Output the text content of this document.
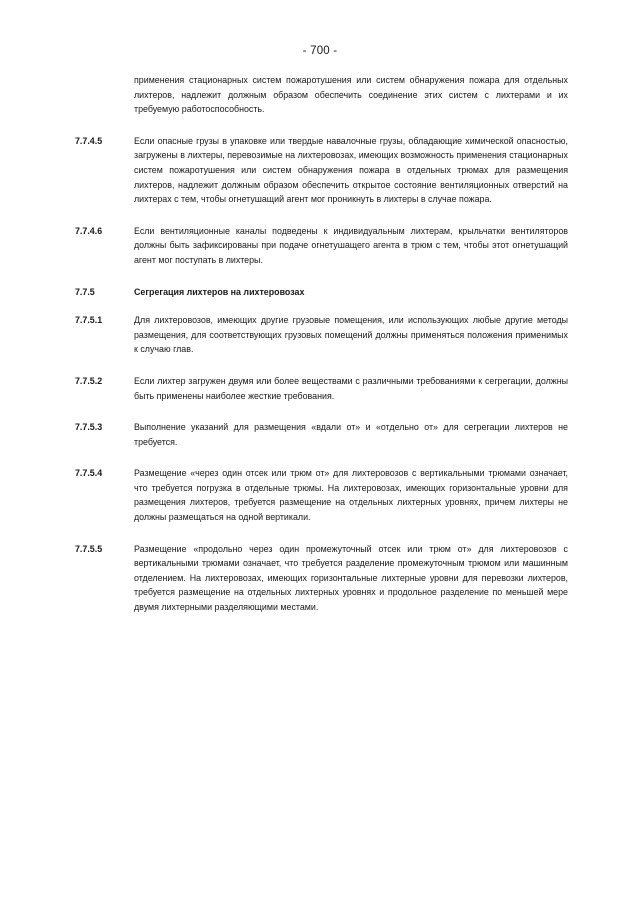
- 700 -
применения стационарных систем пожаротушения или систем обнаружения пожара для отдельных лихтеров, надлежит должным образом обеспечить соединение этих систем с лихтерами и их требуемую работоспособность.
7.7.4.5	Если опасные грузы в упаковке или твердые навалочные грузы, обладающие химической опасностью, загружены в лихтеры, перевозимые на лихтеровозах, имеющих возможность применения стационарных систем пожаротушения или систем обнаружения пожара в отдельных трюмах для размещения лихтеров, надлежит должным образом обеспечить открытое состояние вентиляционных отверстий на лихтерах с тем, чтобы огнетушащий агент мог проникнуть в лихтеры в случае пожара.
7.7.4.6	Если вентиляционные каналы подведены к индивидуальным лихтерам, крыльчатки вентиляторов должны быть зафиксированы при подаче огнетушащего агента в трюм с тем, чтобы этот огнетушащий агент мог поступать в лихтеры.
7.7.5	Сегрегация лихтеров на лихтеровозах
7.7.5.1	Для лихтеровозов, имеющих другие грузовые помещения, или использующих любые другие методы размещения, для соответствующих грузовых помещений должны применяться положения применимых к случаю глав.
7.7.5.2	Если лихтер загружен двумя или более веществами с различными требованиями к сегрегации, должны быть применены наиболее жесткие требования.
7.7.5.3	Выполнение указаний для размещения «вдали от» и «отдельно от» для сегрегации лихтеров не требуется.
7.7.5.4	Размещение «через один отсек или трюм от» для лихтеровозов с вертикальными трюмами означает, что требуется погрузка в отдельные трюмы. На лихтеровозах, имеющих горизонтальные уровни для размещения лихтеров, требуется размещение на отдельных лихтерных уровнях, причем лихтеры не должны размещаться на одной вертикали.
7.7.5.5	Размещение «продольно через один промежуточный отсек или трюм от» для лихтеровозов с вертикальными трюмами означает, что требуется разделение промежуточным трюмом или машинным отделением. На лихтеровозах, имеющих горизонтальные лихтерные уровни для перевозки лихтеров, требуется размещение на отдельных лихтерных уровнях и продольное разделение по меньшей мере двумя лихтерными разделяющими местами.
